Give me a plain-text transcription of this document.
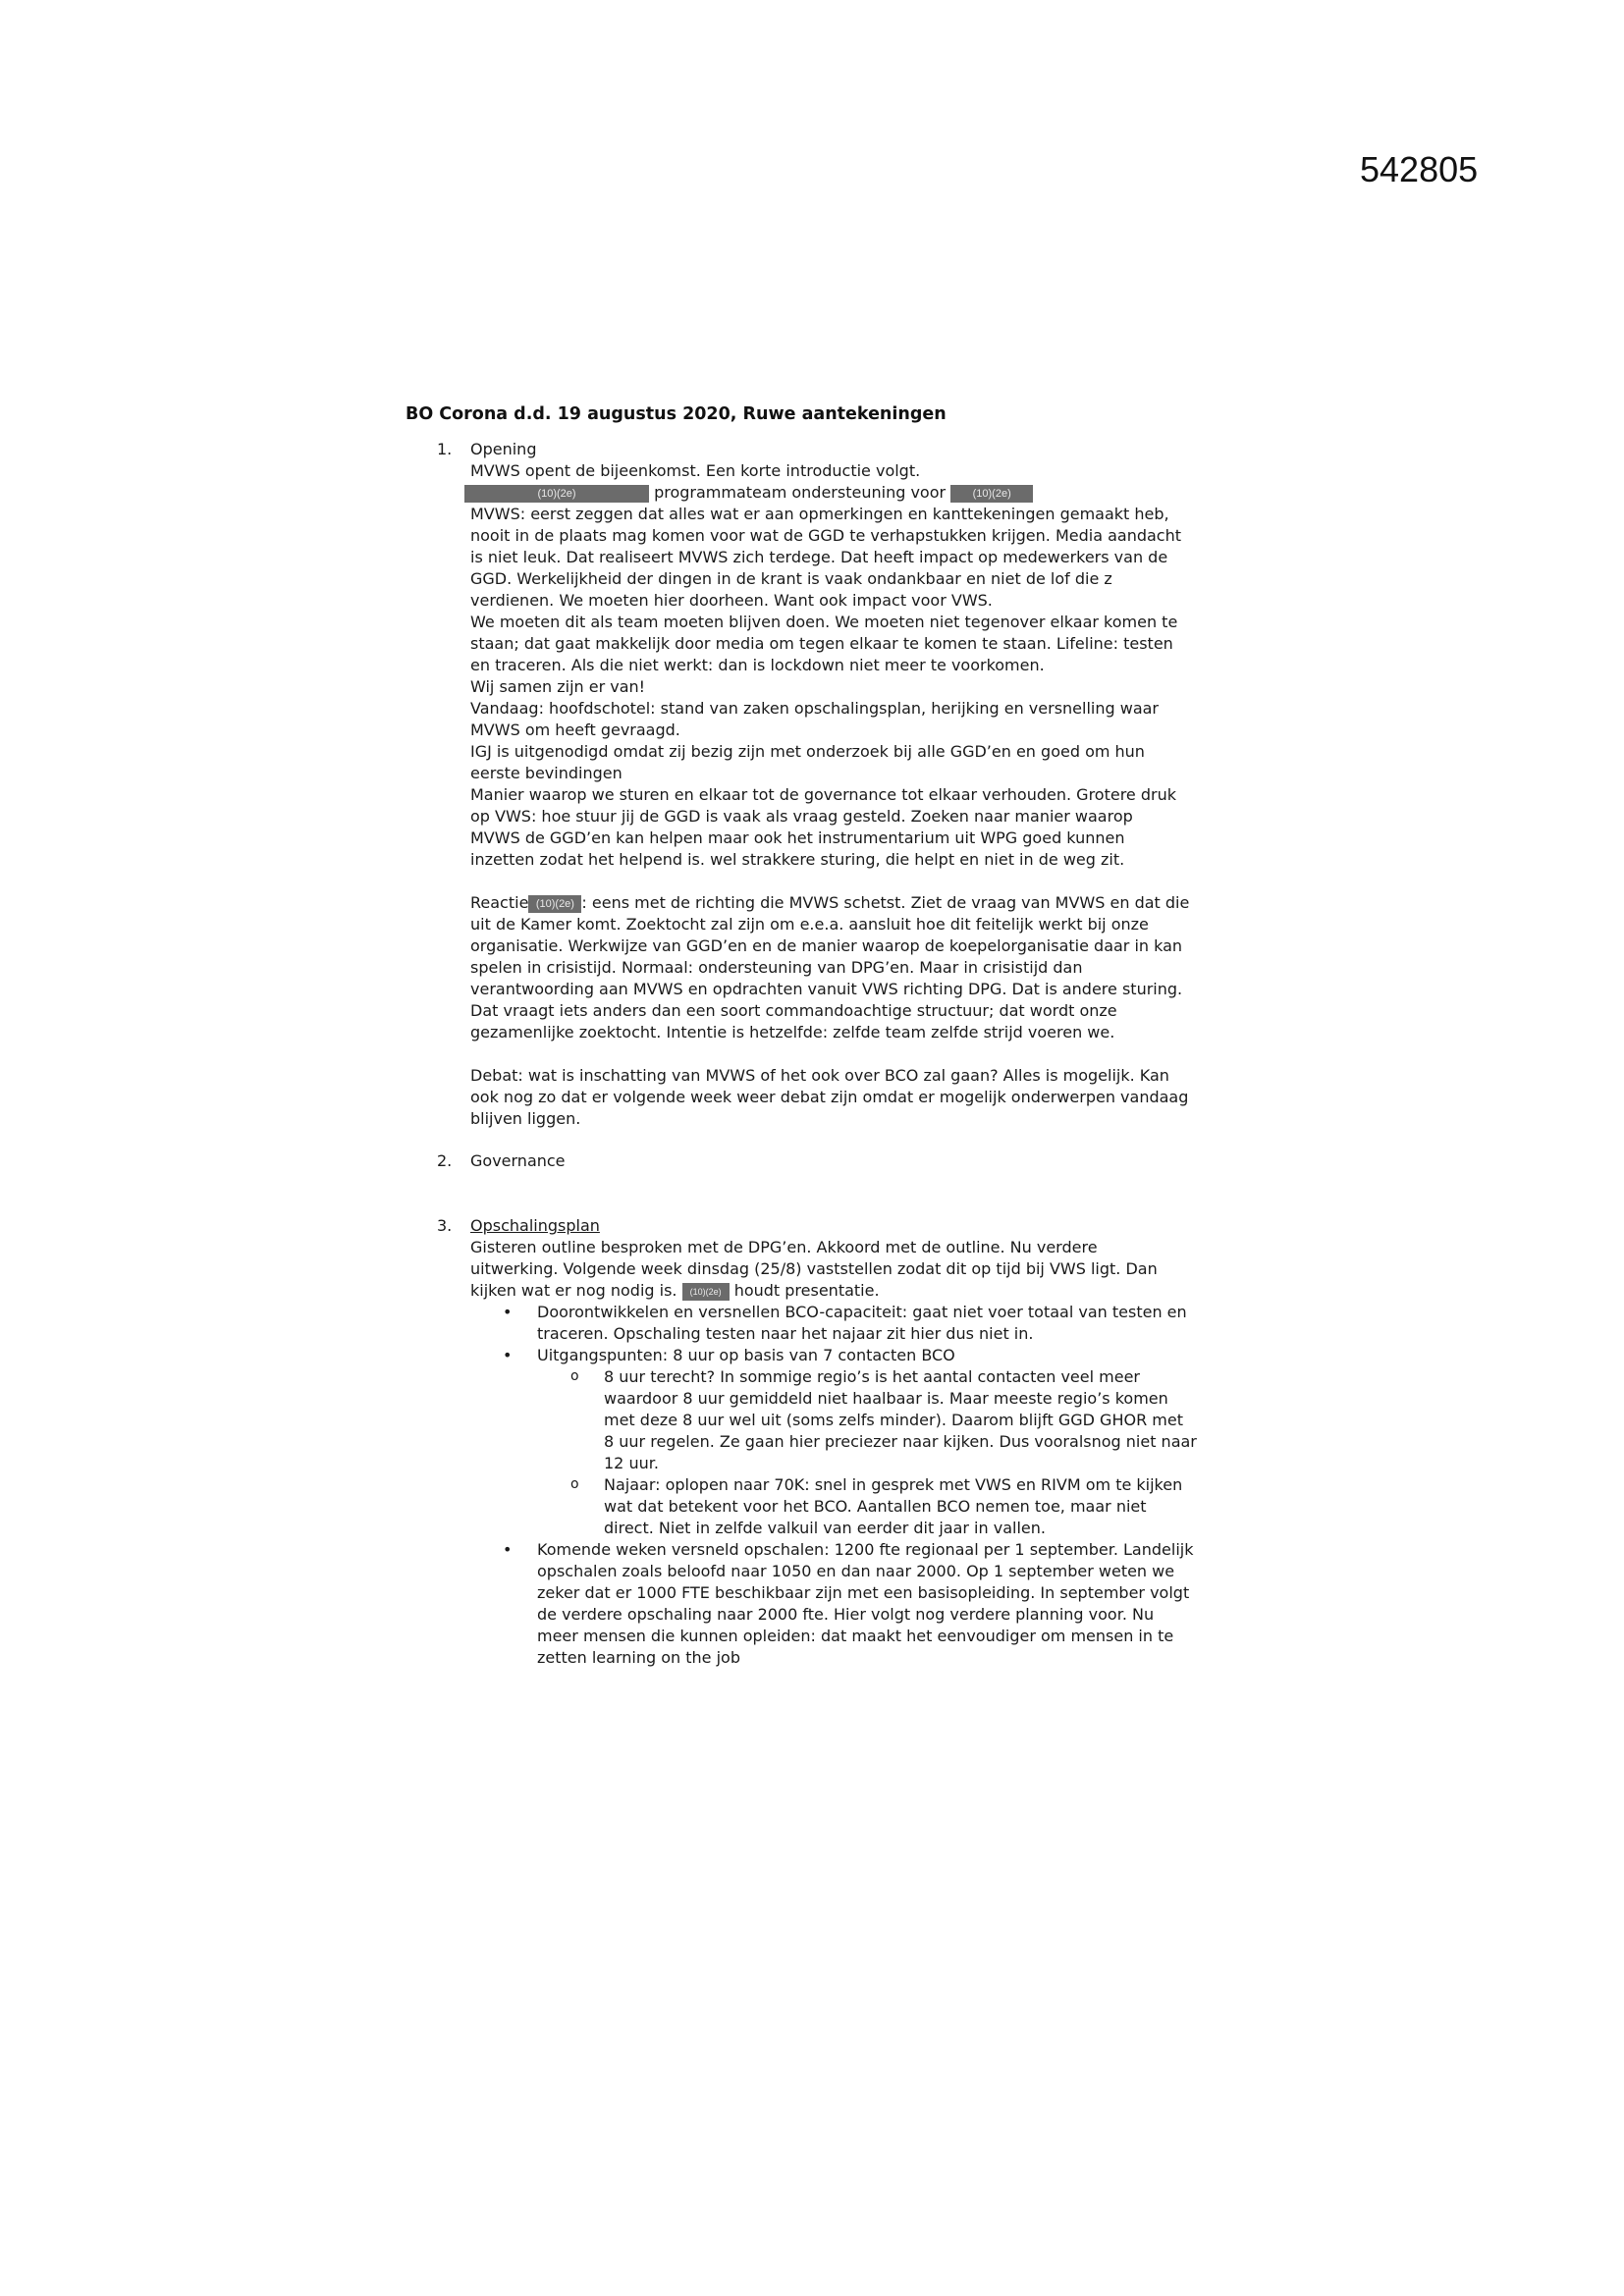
542805
BO Corona d.d. 19 augustus 2020, Ruwe aantekeningen
1. Opening
MVWS opent de bijeenkomst. Een korte introductie volgt.
(10)(2e)	programmateam ondersteuning voor	(10)(2e)
MVWS: eerst zeggen dat alles wat er aan opmerkingen en kanttekeningen gemaakt heb,
nooit in de plaats mag komen voor wat de GGD te verhapstukken krijgen. Media aandacht
is niet leuk. Dat realiseert MVWS zich terdege. Dat heeft impact op medewerkers van de
GGD. Werkelijkheid der dingen in de krant is vaak ondankbaar en niet de lof die z
verdienen. We moeten hier doorheen. Want ook impact voor VWS.
We moeten dit als team moeten blijven doen. We moeten niet tegenover elkaar komen te
staan; dat gaat makkelijk door media om tegen elkaar te komen te staan. Lifeline: testen
en traceren. Als die niet werkt: dan is lockdown niet meer te voorkomen.
Wij samen zijn er van!
Vandaag: hoofdschotel: stand van zaken opschalingsplan, herijking en versnelling waar
MVWS om heeft gevraagd.
IGJ is uitgenodigd omdat zij bezig zijn met onderzoek bij alle GGD’en en goed om hun
eerste bevindingen
Manier waarop we sturen en elkaar tot de governance tot elkaar verhouden. Grotere druk
op VWS: hoe stuur jij de GGD is vaak als vraag gesteld. Zoeken naar manier waarop
MVWS de GGD’en kan helpen maar ook het instrumentarium uit WPG goed kunnen
inzetten zodat het helpend is. wel strakkere sturing, die helpt en niet in de weg zit.
Reactie (10)(2e) : eens met de richting die MVWS schetst. Ziet de vraag van MVWS en dat die
uit de Kamer komt. Zoektocht zal zijn om e.e.a. aansluit hoe dit feitelijk werkt bij onze
organisatie. Werkwijze van GGD’en en de manier waarop de koepelorganisatie daar in kan
spelen in crisistijd. Normaal: ondersteuning van DPG’en. Maar in crisistijd dan
verantwoording aan MVWS en opdrachten vanuit VWS richting DPG. Dat is andere sturing.
Dat vraagt iets anders dan een soort commandoachtige structuur; dat wordt onze
gezamenlijke zoektocht. Intentie is hetzelfde: zelfde team zelfde strijd voeren we.
Debat: wat is inschatting van MVWS of het ook over BCO zal gaan? Alles is mogelijk. Kan
ook nog zo dat er volgende week weer debat zijn omdat er mogelijk onderwerpen vandaag
blijven liggen.
2. Governance
3. Opschalingsplan
Gisteren outline besproken met de DPG’en. Akkoord met de outline. Nu verdere
uitwerking. Volgende week dinsdag (25/8) vaststellen zodat dit op tijd bij VWS ligt. Dan
kijken wat er nog nodig is. (10)(2e) houdt presentatie.
• Doorontwikkelen en versnellen BCO-capaciteit: gaat niet voer totaal van testen en
traceren. Opschaling testen naar het najaar zit hier dus niet in.
• Uitgangspunten: 8 uur op basis van 7 contacten BCO
o 8 uur terecht? In sommige regio’s is het aantal contacten veel meer
waardoor 8 uur gemiddeld niet haalbaar is. Maar meeste regio’s komen
met deze 8 uur wel uit (soms zelfs minder). Daarom blijft GGD GHOR met
8 uur regelen. Ze gaan hier preciezer naar kijken. Dus vooralsnog niet naar
12 uur.
o Najaar: oplopen naar 70K: snel in gesprek met VWS en RIVM om te kijken
wat dat betekent voor het BCO. Aantallen BCO nemen toe, maar niet
direct. Niet in zelfde valkuil van eerder dit jaar in vallen.
• Komende weken versneld opschalen: 1200 fte regionaal per 1 september. Landelijk
opschalen zoals beloofd naar 1050 en dan naar 2000. Op 1 september weten we
zeker dat er 1000 FTE beschikbaar zijn met een basisopleiding. In september volgt
de verdere opschaling naar 2000 fte. Hier volgt nog verdere planning voor. Nu
meer mensen die kunnen opleiden: dat maakt het eenvoudiger om mensen in te
zetten learning on the job
